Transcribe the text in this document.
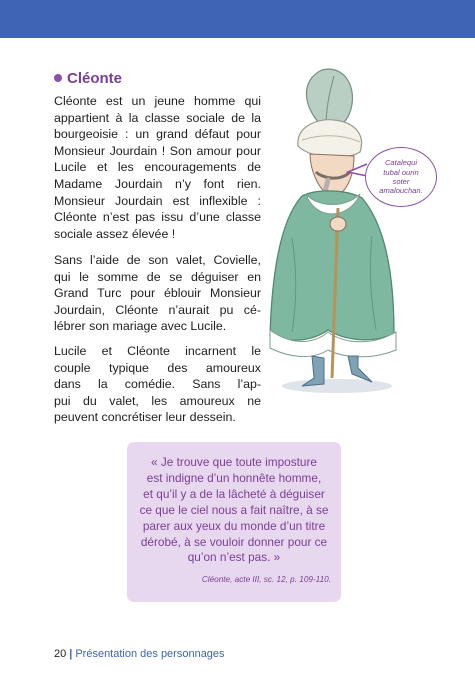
Cléonte
Cléonte est un jeune homme qui
appartient à la classe sociale de la
bourgeoisie : un grand défaut pour
Monsieur Jourdain ! Son amour pour
Lucile et les encouragements de
Madame Jourdain n’y font rien.
Monsieur Jourdain est inflexible :
Cléonte n’est pas issu d’une classe
sociale assez élevée !
Sans l’aide de son valet, Covielle,
qui le somme de se déguiser en
Grand Turc pour éblouir Monsieur
Jourdain, Cléonte n’aurait pu cé-
lébrer son mariage avec Lucile.
Lucile et Cléonte incarnent le
couple typique des amoureux
dans la comédie. Sans l’ap-
pui du valet, les amoureux ne
peuvent concrétiser leur dessein.
Catalequi
tubal ourin
soter
amalouchan.
« Je trouve que toute imposture
est indigne d’un honnête homme,
et qu’il y a de la lâcheté à déguiser
ce que le ciel nous a fait naître, à se
parer aux yeux du monde d’un titre
dérobé, à se vouloir donner pour ce
qu’on n’est pas. »
Cléonte, acte III, sc. 12, p. 109-110.
20 | Présentation des personnages
